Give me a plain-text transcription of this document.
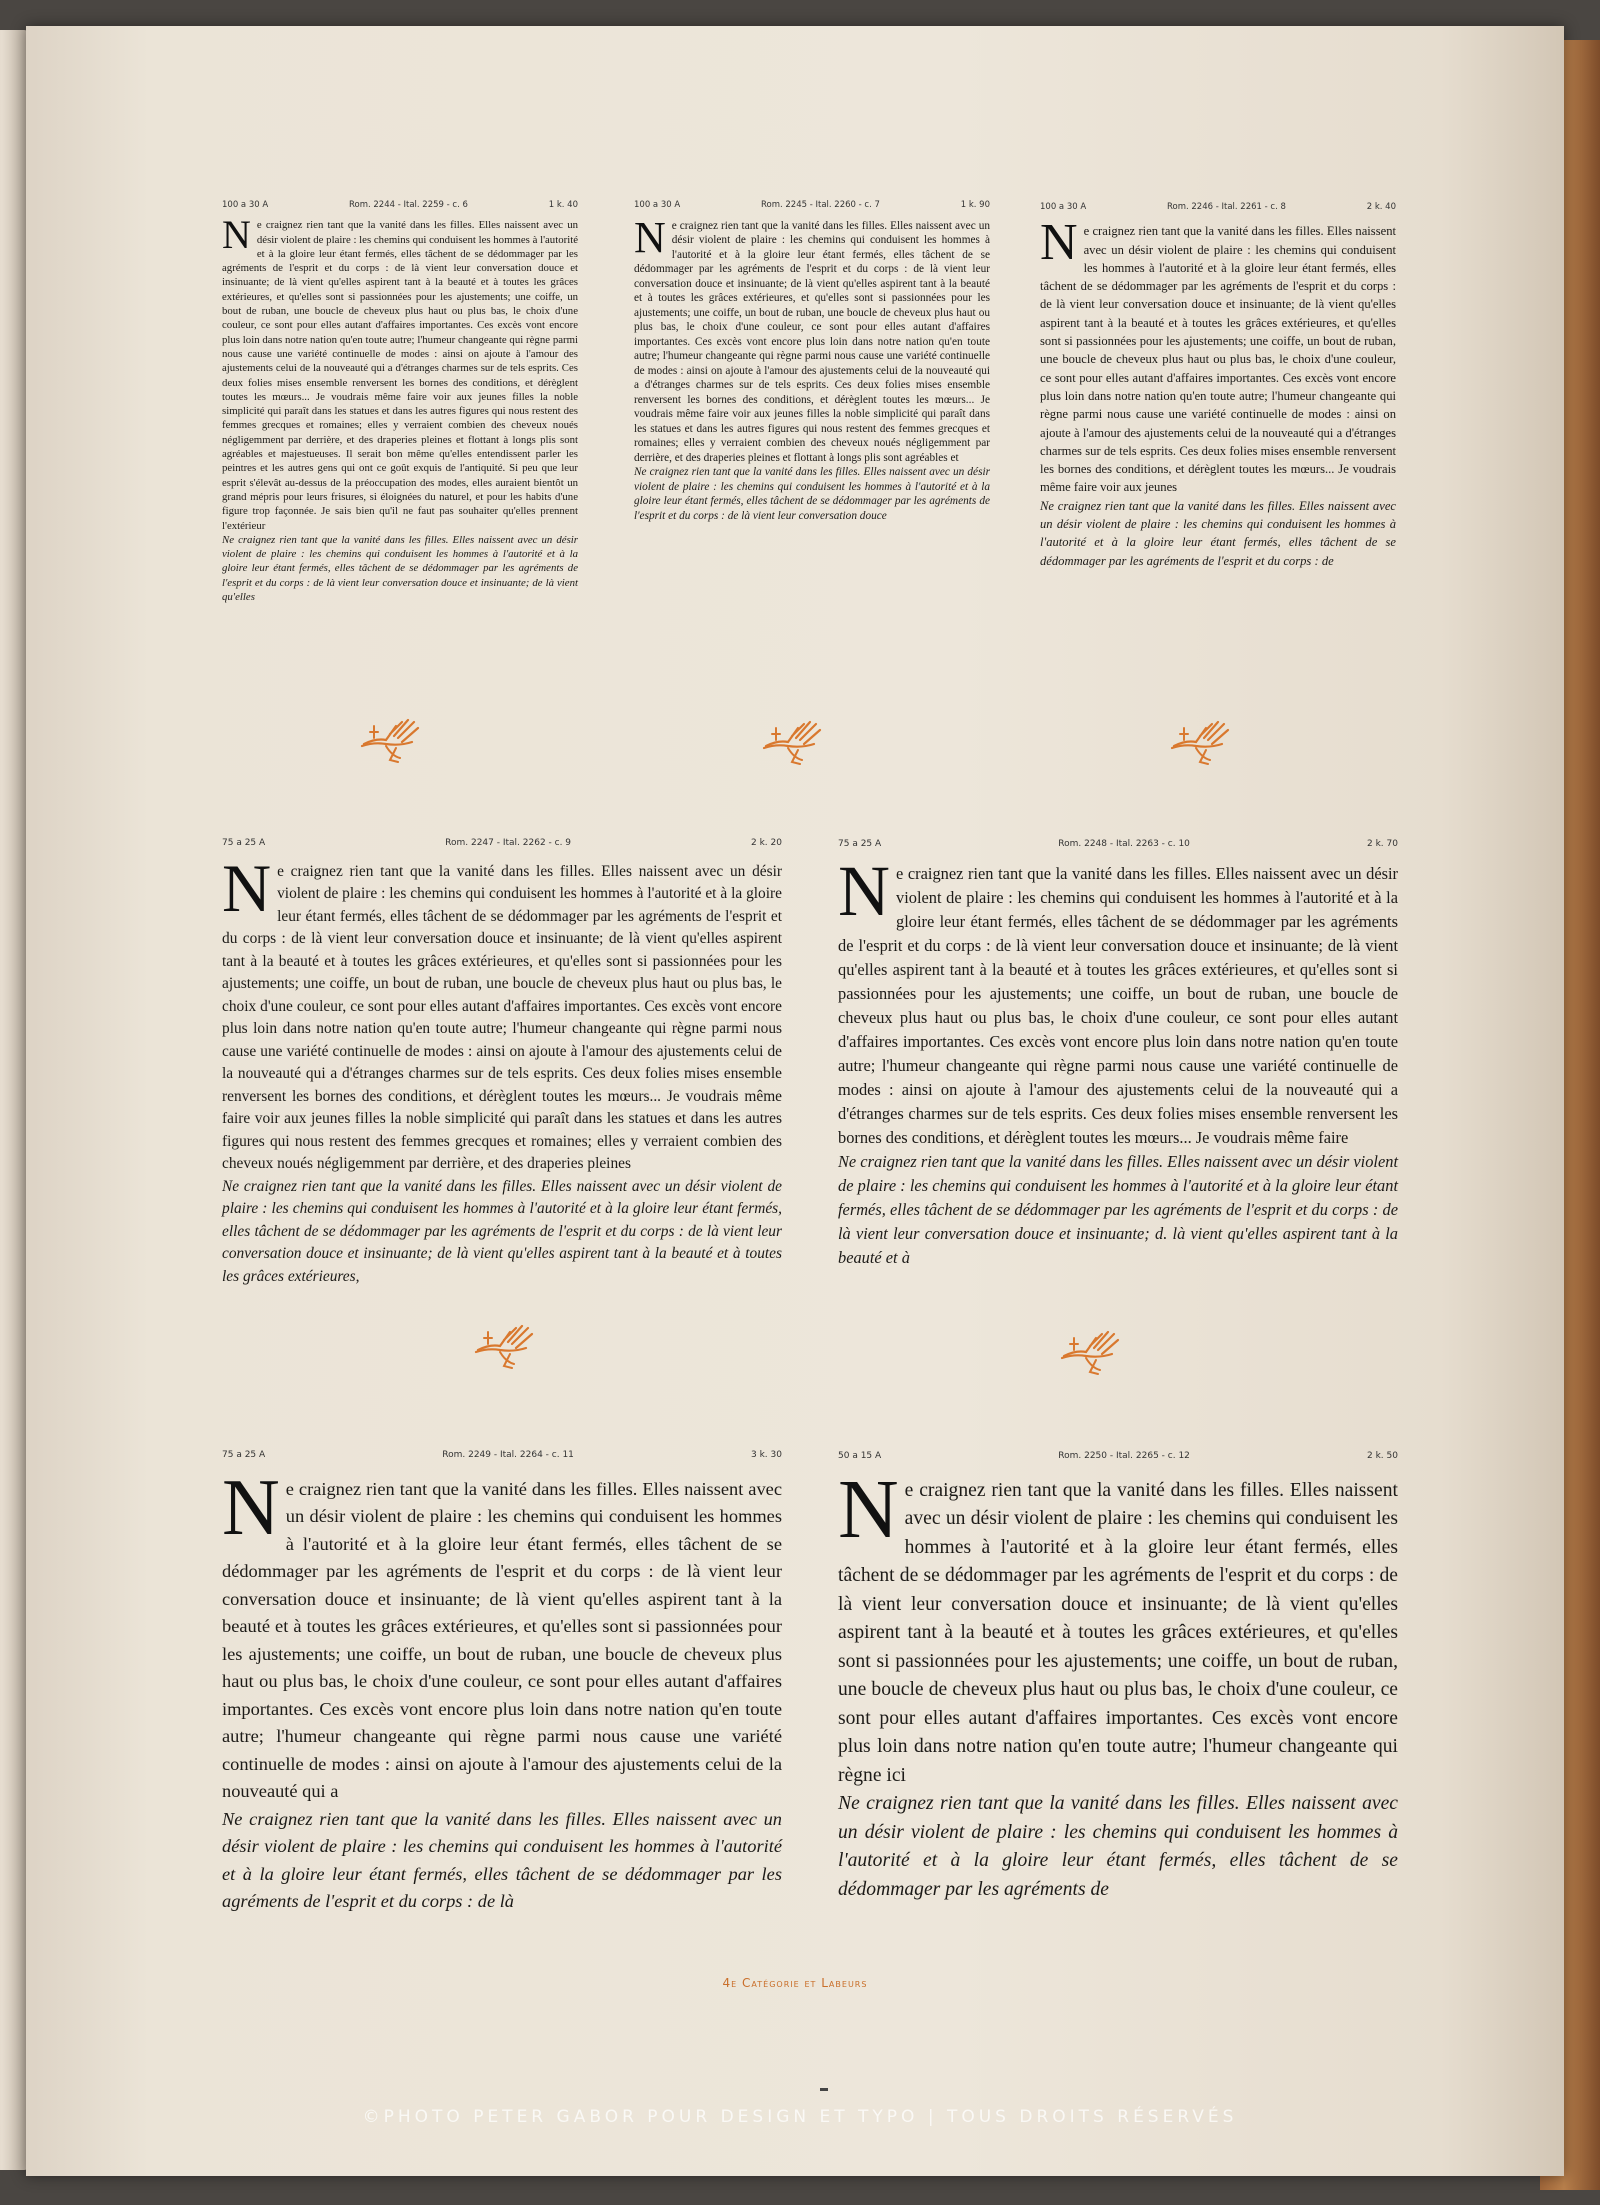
100 a 30 A	Rom. 2244 - Ital. 2259 - c. 6	1 k. 40

Ne craignez rien tant que la vanité dans les filles. Elles naissent avec un désir violent de plaire : les chemins qui conduisent les hommes à l'autorité et à la gloire leur étant fermés, elles tâchent de se dédommager par les agréments de l'esprit et du corps : de là vient leur conversation douce et insinuante; de là vient qu'elles aspirent tant à la beauté et à toutes les grâces extérieures, et qu'elles sont si passionnées pour les ajustements; une coiffe, un bout de ruban, une boucle de cheveux plus haut ou plus bas, le choix d'une couleur, ce sont pour elles autant d'affaires importantes. Ces excès vont encore plus loin dans notre nation qu'en toute autre; l'humeur changeante qui règne parmi nous cause une variété continuelle de modes : ainsi on ajoute à l'amour des ajustements celui de la nouveauté qui a d'étranges charmes sur de tels esprits. Ces deux folies mises ensemble renversent les bornes des conditions, et dérèglent toutes les mœurs... Je voudrais même faire voir aux jeunes filles la noble simplicité qui paraît dans les statues et dans les autres figures qui nous restent des femmes grecques et romaines; elles y verraient combien des cheveux noués négligemment par derrière, et des draperies pleines et flottant à longs plis sont agréables et majestueuses. Il serait bon même qu'elles entendissent parler les peintres et les autres gens qui ont ce goût exquis de l'antiquité. Si peu que leur esprit s'élevât au-dessus de la préoccupation des modes, elles auraient bientôt un grand mépris pour leurs frisures, si éloignées du naturel, et pour les habits d'une figure trop façonnée. Je sais bien qu'il ne faut pas souhaiter qu'elles prennent l'extérieur

Ne craignez rien tant que la vanité dans les filles. Elles naissent avec un désir violent de plaire : les chemins qui conduisent les hommes à l'autorité et à la gloire leur étant fermés, elles tâchent de se dédommager par les agréments de l'esprit et du corps : de là vient leur conversation douce et insinuante; de là vient qu'elles

100 a 30 A	Rom. 2245 - Ital. 2260 - c. 7	1 k. 90

Ne craignez rien tant que la vanité dans les filles. Elles naissent avec un désir violent de plaire : les chemins qui conduisent les hommes à l'autorité et à la gloire leur étant fermés, elles tâchent de se dédommager par les agréments de l'esprit et du corps : de là vient leur conversation douce et insinuante; de là vient qu'elles aspirent tant à la beauté et à toutes les grâces extérieures, et qu'elles sont si passionnées pour les ajustements; une coiffe, un bout de ruban, une boucle de cheveux plus haut ou plus bas, le choix d'une couleur, ce sont pour elles autant d'affaires importantes. Ces excès vont encore plus loin dans notre nation qu'en toute autre; l'humeur changeante qui règne parmi nous cause une variété continuelle de modes : ainsi on ajoute à l'amour des ajustements celui de la nouveauté qui a d'étranges charmes sur de tels esprits. Ces deux folies mises ensemble renversent les bornes des conditions, et dérèglent toutes les mœurs... Je voudrais même faire voir aux jeunes filles la noble simplicité qui paraît dans les statues et dans les autres figures qui nous restent des femmes grecques et romaines; elles y verraient combien des cheveux noués négligemment par derrière, et des draperies pleines et flottant à longs plis sont agréables et

Ne craignez rien tant que la vanité dans les filles. Elles naissent avec un désir violent de plaire : les chemins qui conduisent les hommes à l'autorité et à la gloire leur étant fermés, elles tâchent de se dédommager par les agréments de l'esprit et du corps : de là vient leur conversation douce

100 a 30 A	Rom. 2246 - Ital. 2261 - c. 8	2 k. 40

Ne craignez rien tant que la vanité dans les filles. Elles naissent avec un désir violent de plaire : les chemins qui conduisent les hommes à l'autorité et à la gloire leur étant fermés, elles tâchent de se dédommager par les agréments de l'esprit et du corps : de là vient leur conversation douce et insinuante; de là vient qu'elles aspirent tant à la beauté et à toutes les grâces extérieures, et qu'elles sont si passionnées pour les ajustements; une coiffe, un bout de ruban, une boucle de cheveux plus haut ou plus bas, le choix d'une couleur, ce sont pour elles autant d'affaires importantes. Ces excès vont encore plus loin dans notre nation qu'en toute autre; l'humeur changeante qui règne parmi nous cause une variété continuelle de modes : ainsi on ajoute à l'amour des ajustements celui de la nouveauté qui a d'étranges charmes sur de tels esprits. Ces deux folies mises ensemble renversent les bornes des conditions, et dérèglent toutes les mœurs... Je voudrais même faire voir aux jeunes

Ne craignez rien tant que la vanité dans les filles. Elles naissent avec un désir violent de plaire : les chemins qui conduisent les hommes à l'autorité et à la gloire leur étant fermés, elles tâchent de se dédommager par les agréments de l'esprit et du corps : de

75 a 25 A	Rom. 2247 - Ital. 2262 - c. 9	2 k. 20

Ne craignez rien tant que la vanité dans les filles. Elles naissent avec un désir violent de plaire : les chemins qui conduisent les hommes à l'autorité et à la gloire leur étant fermés, elles tâchent de se dédommager par les agréments de l'esprit et du corps : de là vient leur conversation douce et insinuante; de là vient qu'elles aspirent tant à la beauté et à toutes les grâces extérieures, et qu'elles sont si passionnées pour les ajustements; une coiffe, un bout de ruban, une boucle de cheveux plus haut ou plus bas, le choix d'une couleur, ce sont pour elles autant d'affaires importantes. Ces excès vont encore plus loin dans notre nation qu'en toute autre; l'humeur changeante qui règne parmi nous cause une variété continuelle de modes : ainsi on ajoute à l'amour des ajustements celui de la nouveauté qui a d'étranges charmes sur de tels esprits. Ces deux folies mises ensemble renversent les bornes des conditions, et dérèglent toutes les mœurs... Je voudrais même faire voir aux jeunes filles la noble simplicité qui paraît dans les statues et dans les autres figures qui nous restent des femmes grecques et romaines; elles y verraient combien des cheveux noués négligemment par derrière, et des draperies pleines

Ne craignez rien tant que la vanité dans les filles. Elles naissent avec un désir violent de plaire : les chemins qui conduisent les hommes à l'autorité et à la gloire leur étant fermés, elles tâchent de se dédommager par les agréments de l'esprit et du corps : de là vient leur conversation douce et insinuante; de là vient qu'elles aspirent tant à la beauté et à toutes les grâces extérieures,

75 a 25 A	Rom. 2248 - Ital. 2263 - c. 10	2 k. 70

Ne craignez rien tant que la vanité dans les filles. Elles naissent avec un désir violent de plaire : les chemins qui conduisent les hommes à l'autorité et à la gloire leur étant fermés, elles tâchent de se dédommager par les agréments de l'esprit et du corps : de là vient leur conversation douce et insinuante; de là vient qu'elles aspirent tant à la beauté et à toutes les grâces extérieures, et qu'elles sont si passionnées pour les ajustements; une coiffe, un bout de ruban, une boucle de cheveux plus haut ou plus bas, le choix d'une couleur, ce sont pour elles autant d'affaires importantes. Ces excès vont encore plus loin dans notre nation qu'en toute autre; l'humeur changeante qui règne parmi nous cause une variété continuelle de modes : ainsi on ajoute à l'amour des ajustements celui de la nouveauté qui a d'étranges charmes sur de tels esprits. Ces deux folies mises ensemble renversent les bornes des conditions, et dérèglent toutes les mœurs... Je voudrais même faire

Ne craignez rien tant que la vanité dans les filles. Elles naissent avec un désir violent de plaire : les chemins qui conduisent les hommes à l'autorité et à la gloire leur étant fermés, elles tâchent de se dédommager par les agréments de l'esprit et du corps : de là vient leur conversation douce et insinuante; d. là vient qu'elles aspirent tant à la beauté et à

75 a 25 A	Rom. 2249 - Ital. 2264 - c. 11	3 k. 30

Ne craignez rien tant que la vanité dans les filles. Elles naissent avec un désir violent de plaire : les chemins qui conduisent les hommes à l'autorité et à la gloire leur étant fermés, elles tâchent de se dédommager par les agréments de l'esprit et du corps : de là vient leur conversation douce et insinuante; de là vient qu'elles aspirent tant à la beauté et à toutes les grâces extérieures, et qu'elles sont si passionnées pour les ajustements; une coiffe, un bout de ruban, une boucle de cheveux plus haut ou plus bas, le choix d'une couleur, ce sont pour elles autant d'affaires importantes. Ces excès vont encore plus loin dans notre nation qu'en toute autre; l'humeur changeante qui règne parmi nous cause une variété continuelle de modes : ainsi on ajoute à l'amour des ajustements celui de la nouveauté qui a

Ne craignez rien tant que la vanité dans les filles. Elles naissent avec un désir violent de plaire : les chemins qui conduisent les hommes à l'autorité et à la gloire leur étant fermés, elles tâchent de se dédommager par les agréments de l'esprit et du corps : de là

50 a 15 A	Rom. 2250 - Ital. 2265 - c. 12	2 k. 50

Ne craignez rien tant que la vanité dans les filles. Elles naissent avec un désir violent de plaire : les chemins qui conduisent les hommes à l'autorité et à la gloire leur étant fermés, elles tâchent de se dédommager par les agréments de l'esprit et du corps : de là vient leur conversation douce et insinuante; de là vient qu'elles aspirent tant à la beauté et à toutes les grâces extérieures, et qu'elles sont si passionnées pour les ajustements; une coiffe, un bout de ruban, une boucle de cheveux plus haut ou plus bas, le choix d'une couleur, ce sont pour elles autant d'affaires importantes. Ces excès vont encore plus loin dans notre nation qu'en toute autre; l'humeur changeante qui règne ici

Ne craignez rien tant que la vanité dans les filles. Elles naissent avec un désir violent de plaire : les chemins qui conduisent les hommes à l'autorité et à la gloire leur étant fermés, elles tâchent de se dédommager par les agréments de

4e Catégorie et Labeurs
©PHOTO PETER GABOR POUR DESIGN ET TYPO | TOUS DROITS RÉSERVÉS
